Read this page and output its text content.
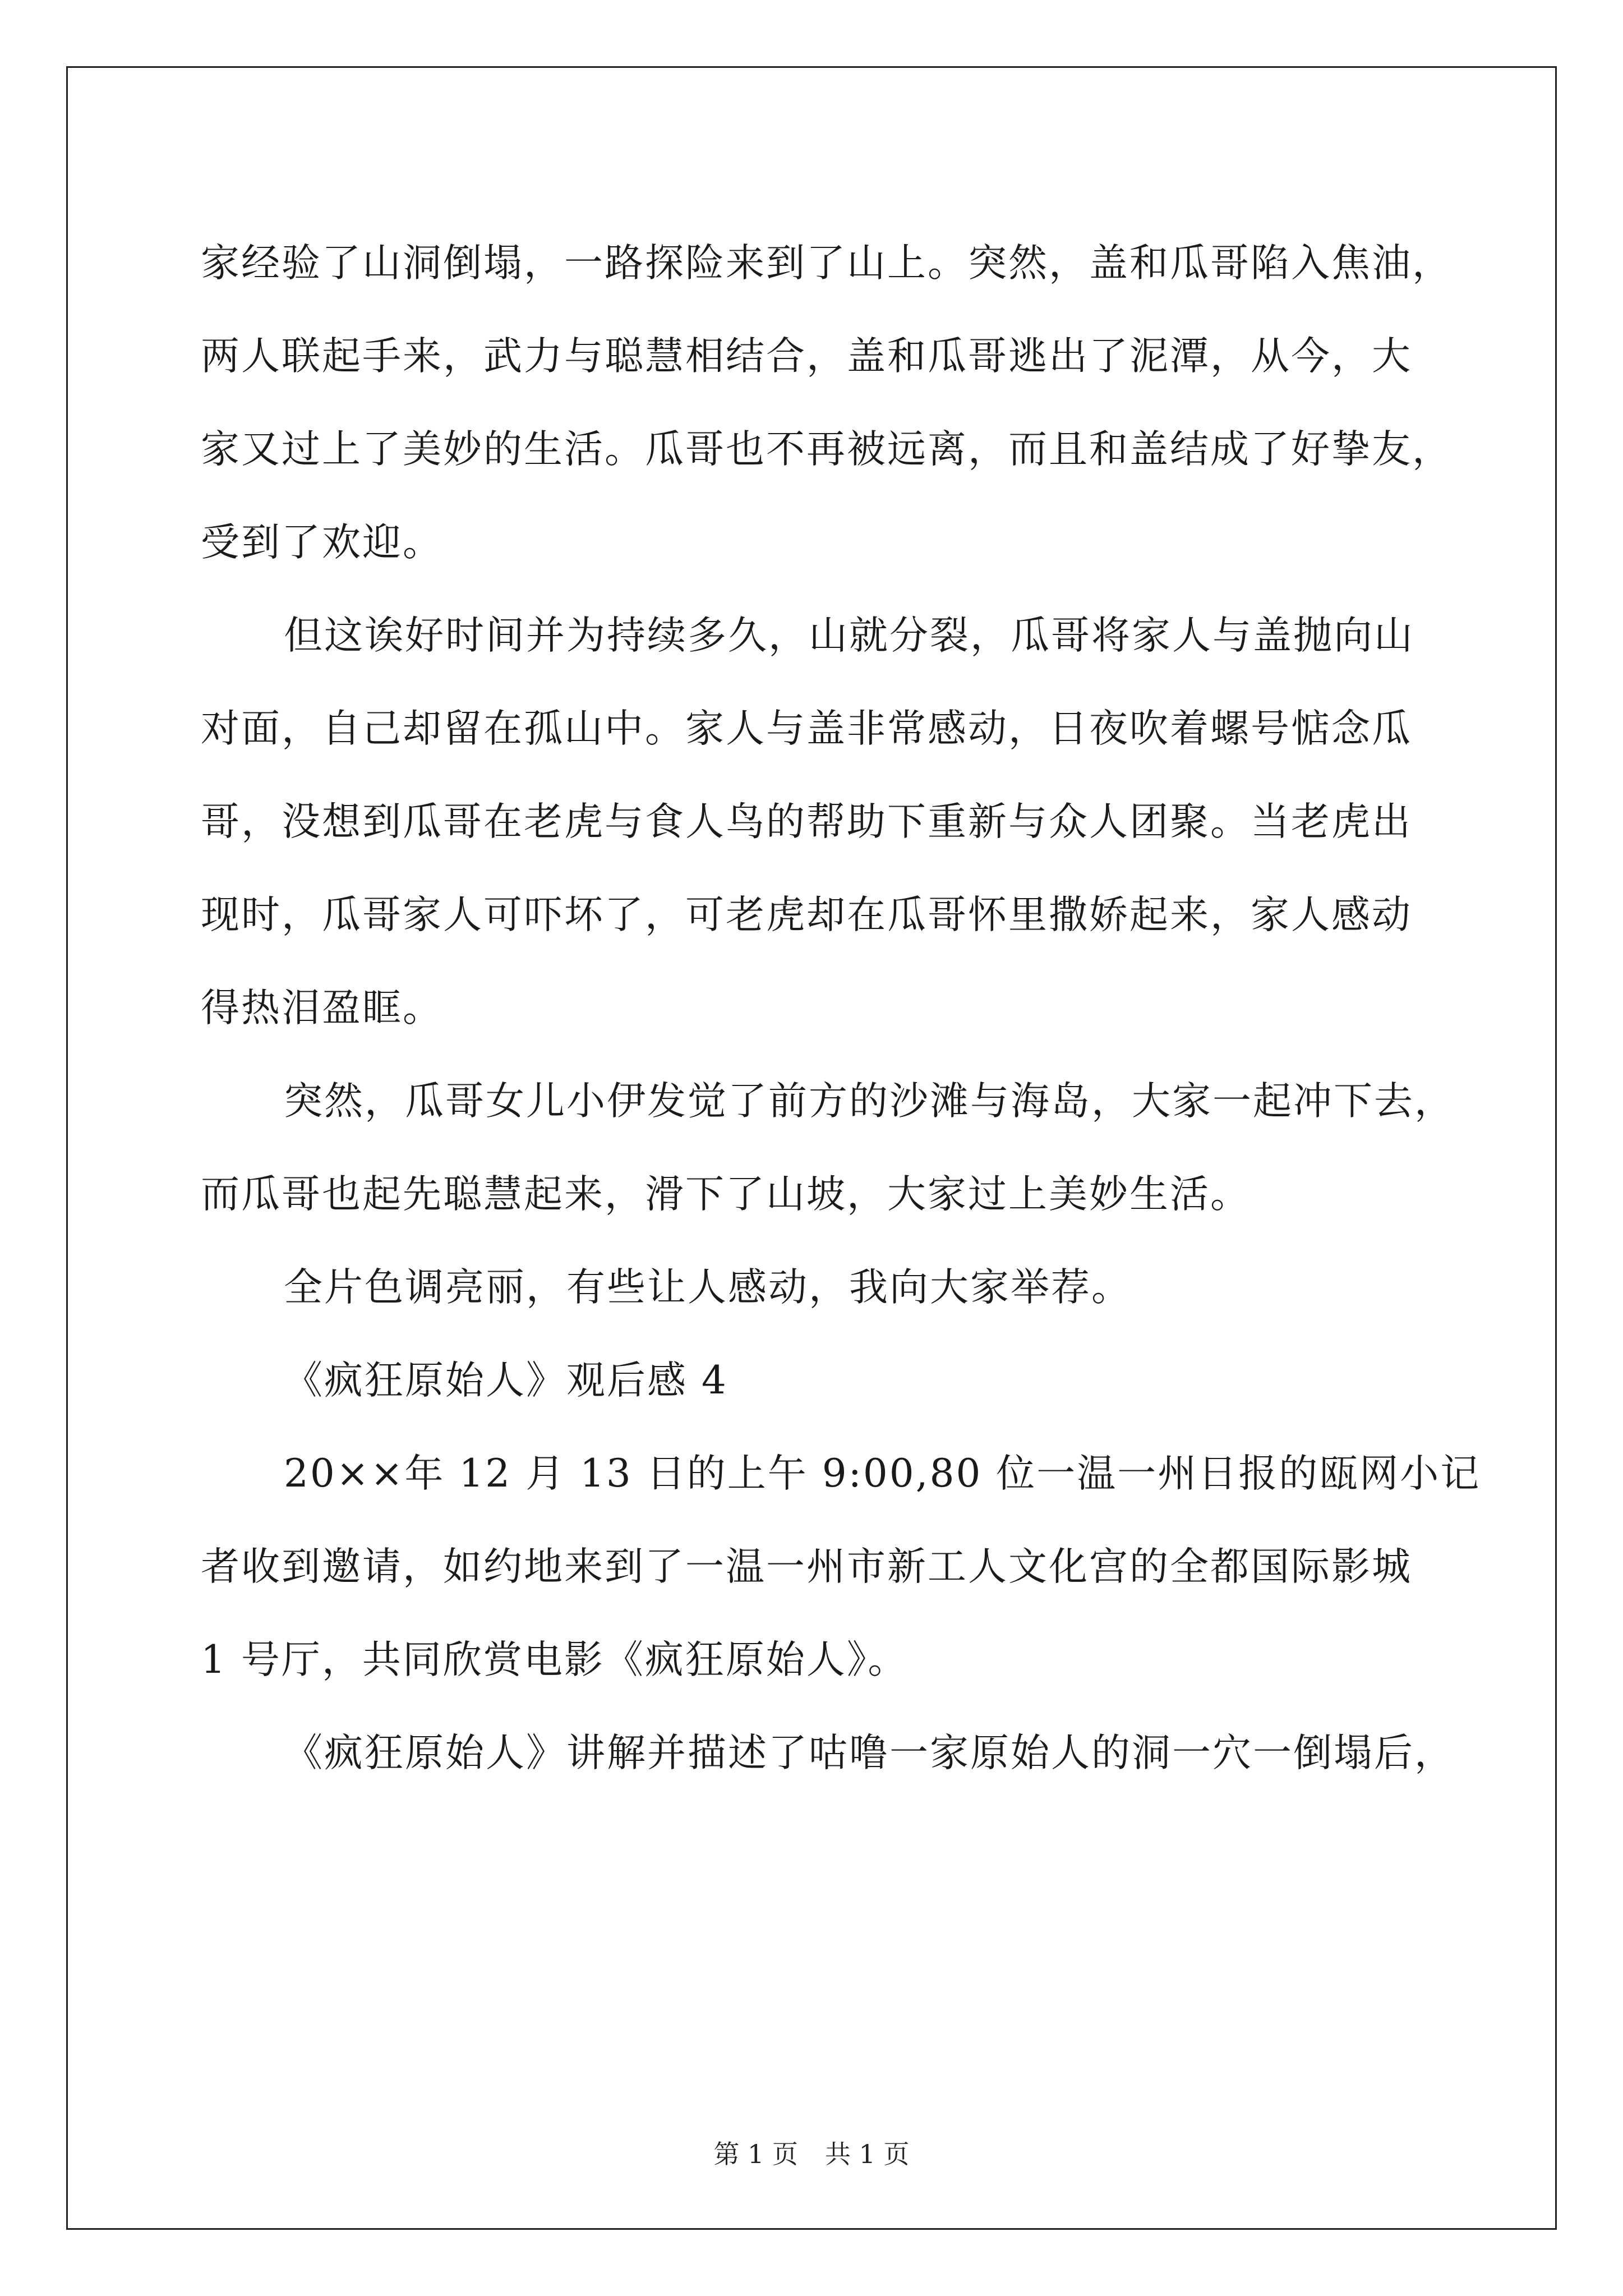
家经验了山洞倒塌，一路探险来到了山上。突然，盖和瓜哥陷入焦油，
两人联起手来，武力与聪慧相结合，盖和瓜哥逃出了泥潭，从今，大
家又过上了美妙的生活。瓜哥也不再被远离，而且和盖结成了好挚友，
受到了欢迎。

但这诶好时间并为持续多久，山就分裂，瓜哥将家人与盖抛向山
对面，自己却留在孤山中。家人与盖非常感动，日夜吹着螺号惦念瓜
哥，没想到瓜哥在老虎与食人鸟的帮助下重新与众人团聚。当老虎出
现时，瓜哥家人可吓坏了，可老虎却在瓜哥怀里撒娇起来，家人感动
得热泪盈眶。

突然，瓜哥女儿小伊发觉了前方的沙滩与海岛，大家一起冲下去，
而瓜哥也起先聪慧起来，滑下了山坡，大家过上美妙生活。

全片色调亮丽，有些让人感动，我向大家举荐。

《疯狂原始人》观后感 4

20××年 12 月 13 日的上午 9:00,80 位一温一州日报的瓯网小记
者收到邀请，如约地来到了一温一州市新工人文化宫的全都国际影城
1 号厅，共同欣赏电影《疯狂原始人》。

《疯狂原始人》讲解并描述了咕噜一家原始人的洞一穴一倒塌后，

第 1 页 共 1 页
